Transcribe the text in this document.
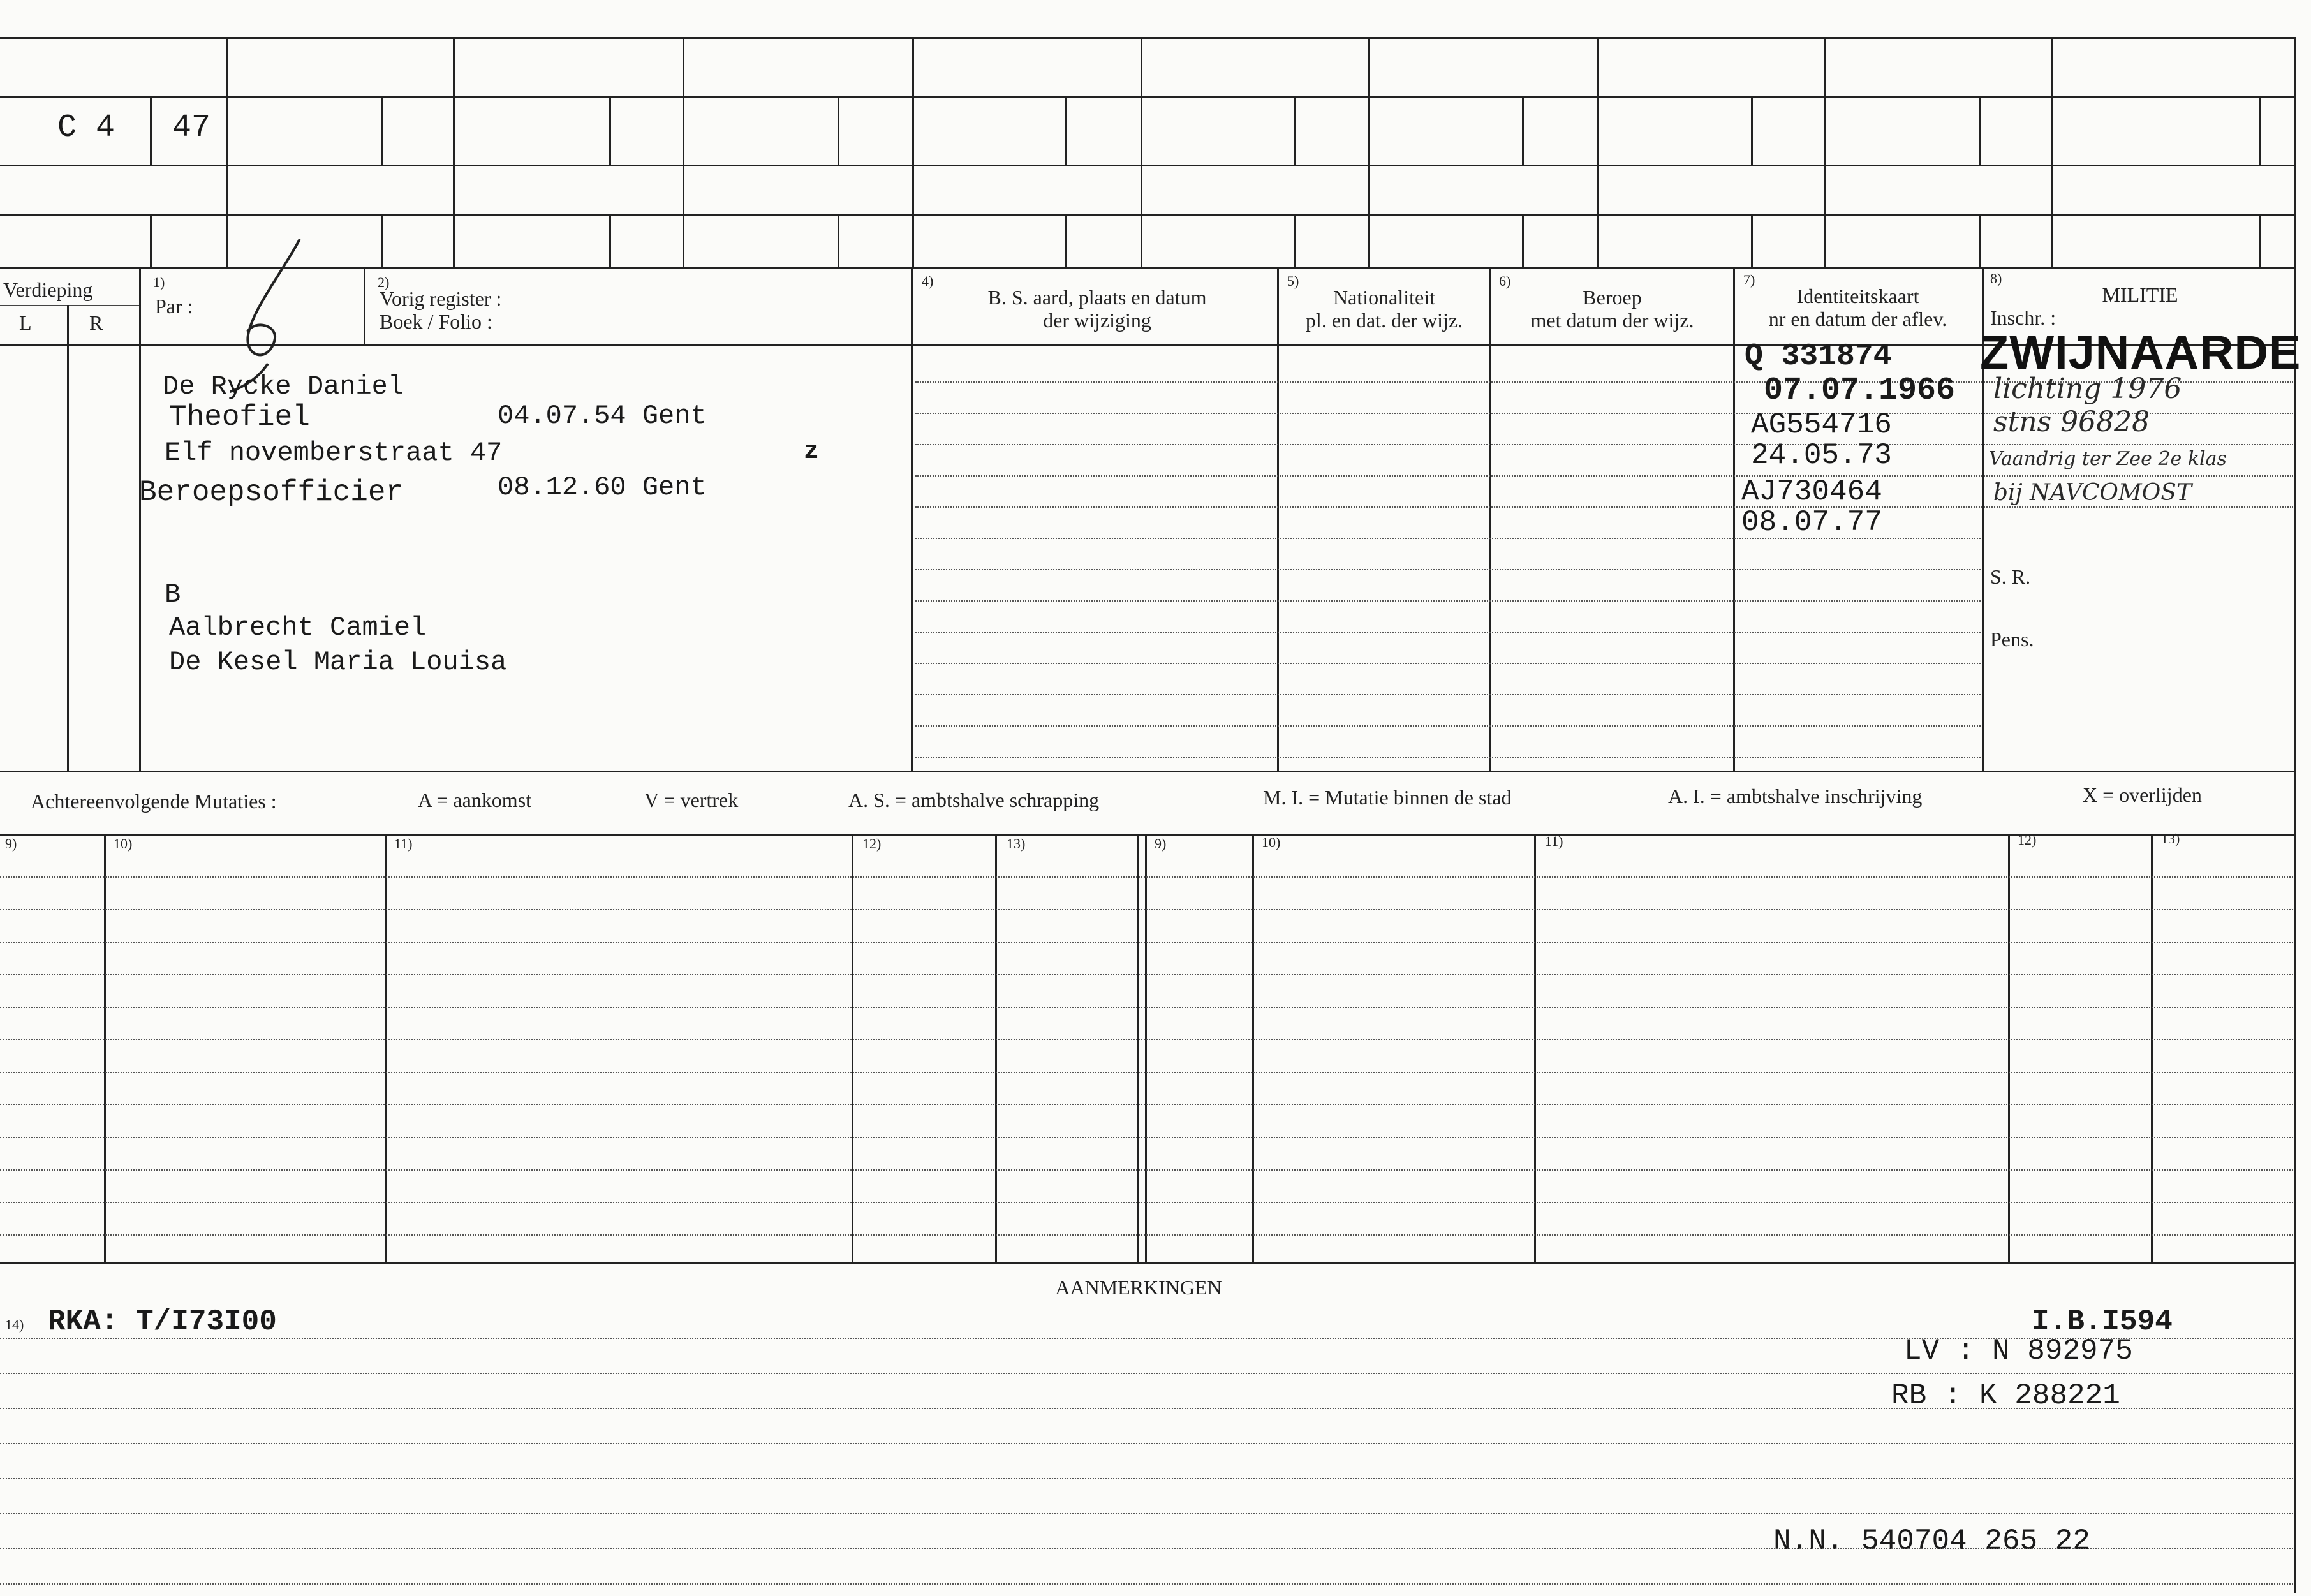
C 4 47
Verdieping
L	R
1)
Par :
2)
Vorig register :
Boek / Folio :
4)
B. S. aard, plaats en datum
der wijziging
5)
Nationaliteit
pl. en dat. der wijz.
6)
Beroep
met datum der wijz.
7)
Identiteitskaart
nr en datum der aflev.
8)
MILITIE
Inschr. :
De Rycke Daniel
Theofiel	04.07.54 Gent
Elf novemberstraat 47	z
Beroepsofficier	08.12.60 Gent
B
Aalbrecht Camiel
De Kesel Maria Louisa
Q 331874
07.07.1966
AG554716
24.05.73
AJ730464
08.07.77
ZWIJNAARDE
lichting 1976
stns 96828
Vaandrig ter Zee 2e klas
bij NAVCOMOST
S. R.
Pens.
Achtereenvolgende Mutaties :	A = aankomst	V = vertrek	A. S. = ambtshalve schrapping	M. I. = Mutatie binnen de stad	A. I. = ambtshalve inschrijving	X = overlijden
9)	10)	11)	12)	13)	9)	10)	11)	12)	13)
AANMERKINGEN
14) RKA: T/I73I00	I.B.I594
LV : N 892975
RB : K 288221
N.N. 540704 265 22
